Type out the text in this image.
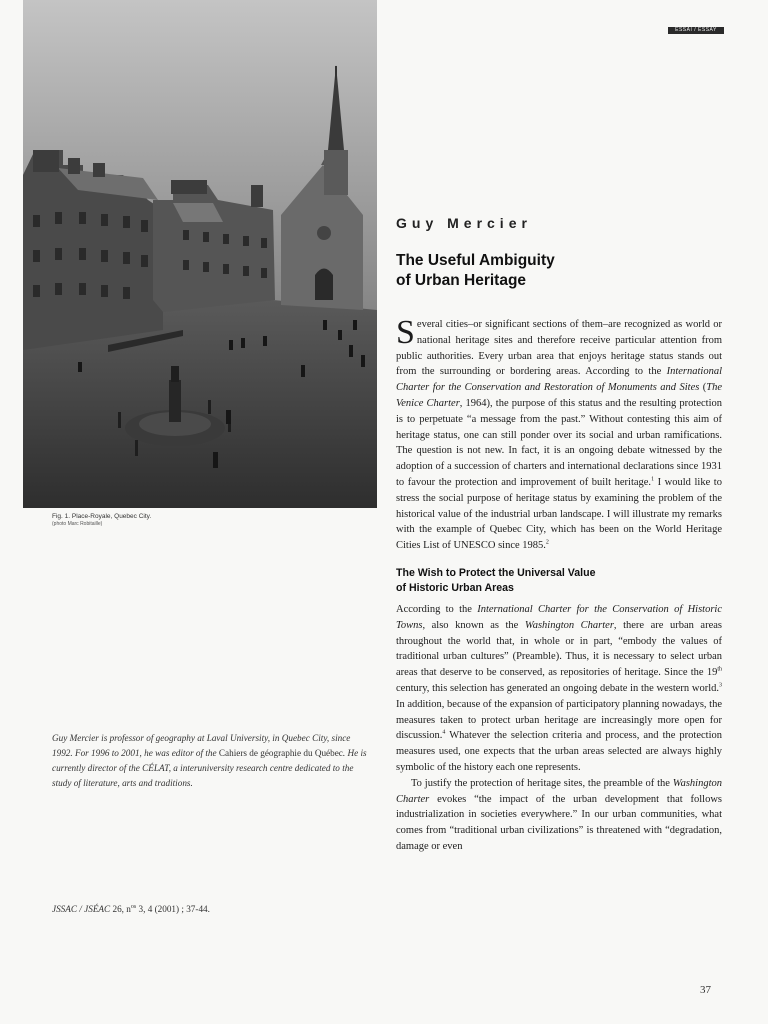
ESSAI / ESSAY
Fig. 1. Place-Royale, Quebec City.
(photo Marc Robitaille)
Guy Mercier is professor of geography at Laval University, in Quebec City, since 1992. For 1996 to 2001, he was editor of the Cahiers de géographie du Québec. He is currently director of the CÉLAT, a interuniversity research centre dedicated to the study of literature, arts and traditions.
JSSAC / JSÉAC 26, $n^{os}$ 3, 4 (2001) ; 37-44.
Guy Mercier
The Useful Ambiguity
of Urban Heritage

Several cities–or significant sections of them–are recognized as world or national heritage sites and therefore receive particular attention from public authorities. Every urban area that enjoys heritage status stands out from the surrounding or bordering areas. According to the International Charter for the Conservation and Restoration of Monuments and Sites (The Venice Charter, 1964), the purpose of this status and the resulting protection is to perpetuate “a message from the past.” Without contesting this aim of heritage status, one can still ponder over its social and urban ramifications. The question is not new. In fact, it is an ongoing debate witnessed by the adoption of a succession of charters and international declarations since 1931 to favour the protection and improvement of built heritage.$^1$ I would like to stress the social purpose of heritage status by examining the problem of the historical value of the industrial urban landscape. I will illustrate my remarks with the example of Quebec City, which has been on the World Heritage Cities List of UNESCO since 1985.$^2$

The Wish to Protect the Universal Value
of Historic Urban Areas

According to the International Charter for the Conservation of Historic Towns, also known as the Washington Charter, there are urban areas throughout the world that, in whole or in part, “embody the values of traditional urban cultures” (Preamble). Thus, it is necessary to select urban areas that deserve to be conserved, as repositories of heritage. Since the 19th century, this selection has generated an ongoing debate in the western world.$^3$ In addition, because of the expansion of participatory planning nowadays, the measures taken to protect urban heritage are increasingly more open for discussion.$^4$ Whatever the selection criteria and process, and the protection measures used, one expects that the urban areas selected are always highly symbolic of the history each one represents.

To justify the protection of heritage sites, the preamble of the Washington Charter evokes “the impact of the urban development that follows industrialization in societies everywhere.” In our urban communities, what comes from “traditional urban civilizations” is threatened with “degradation, damage or even

37
